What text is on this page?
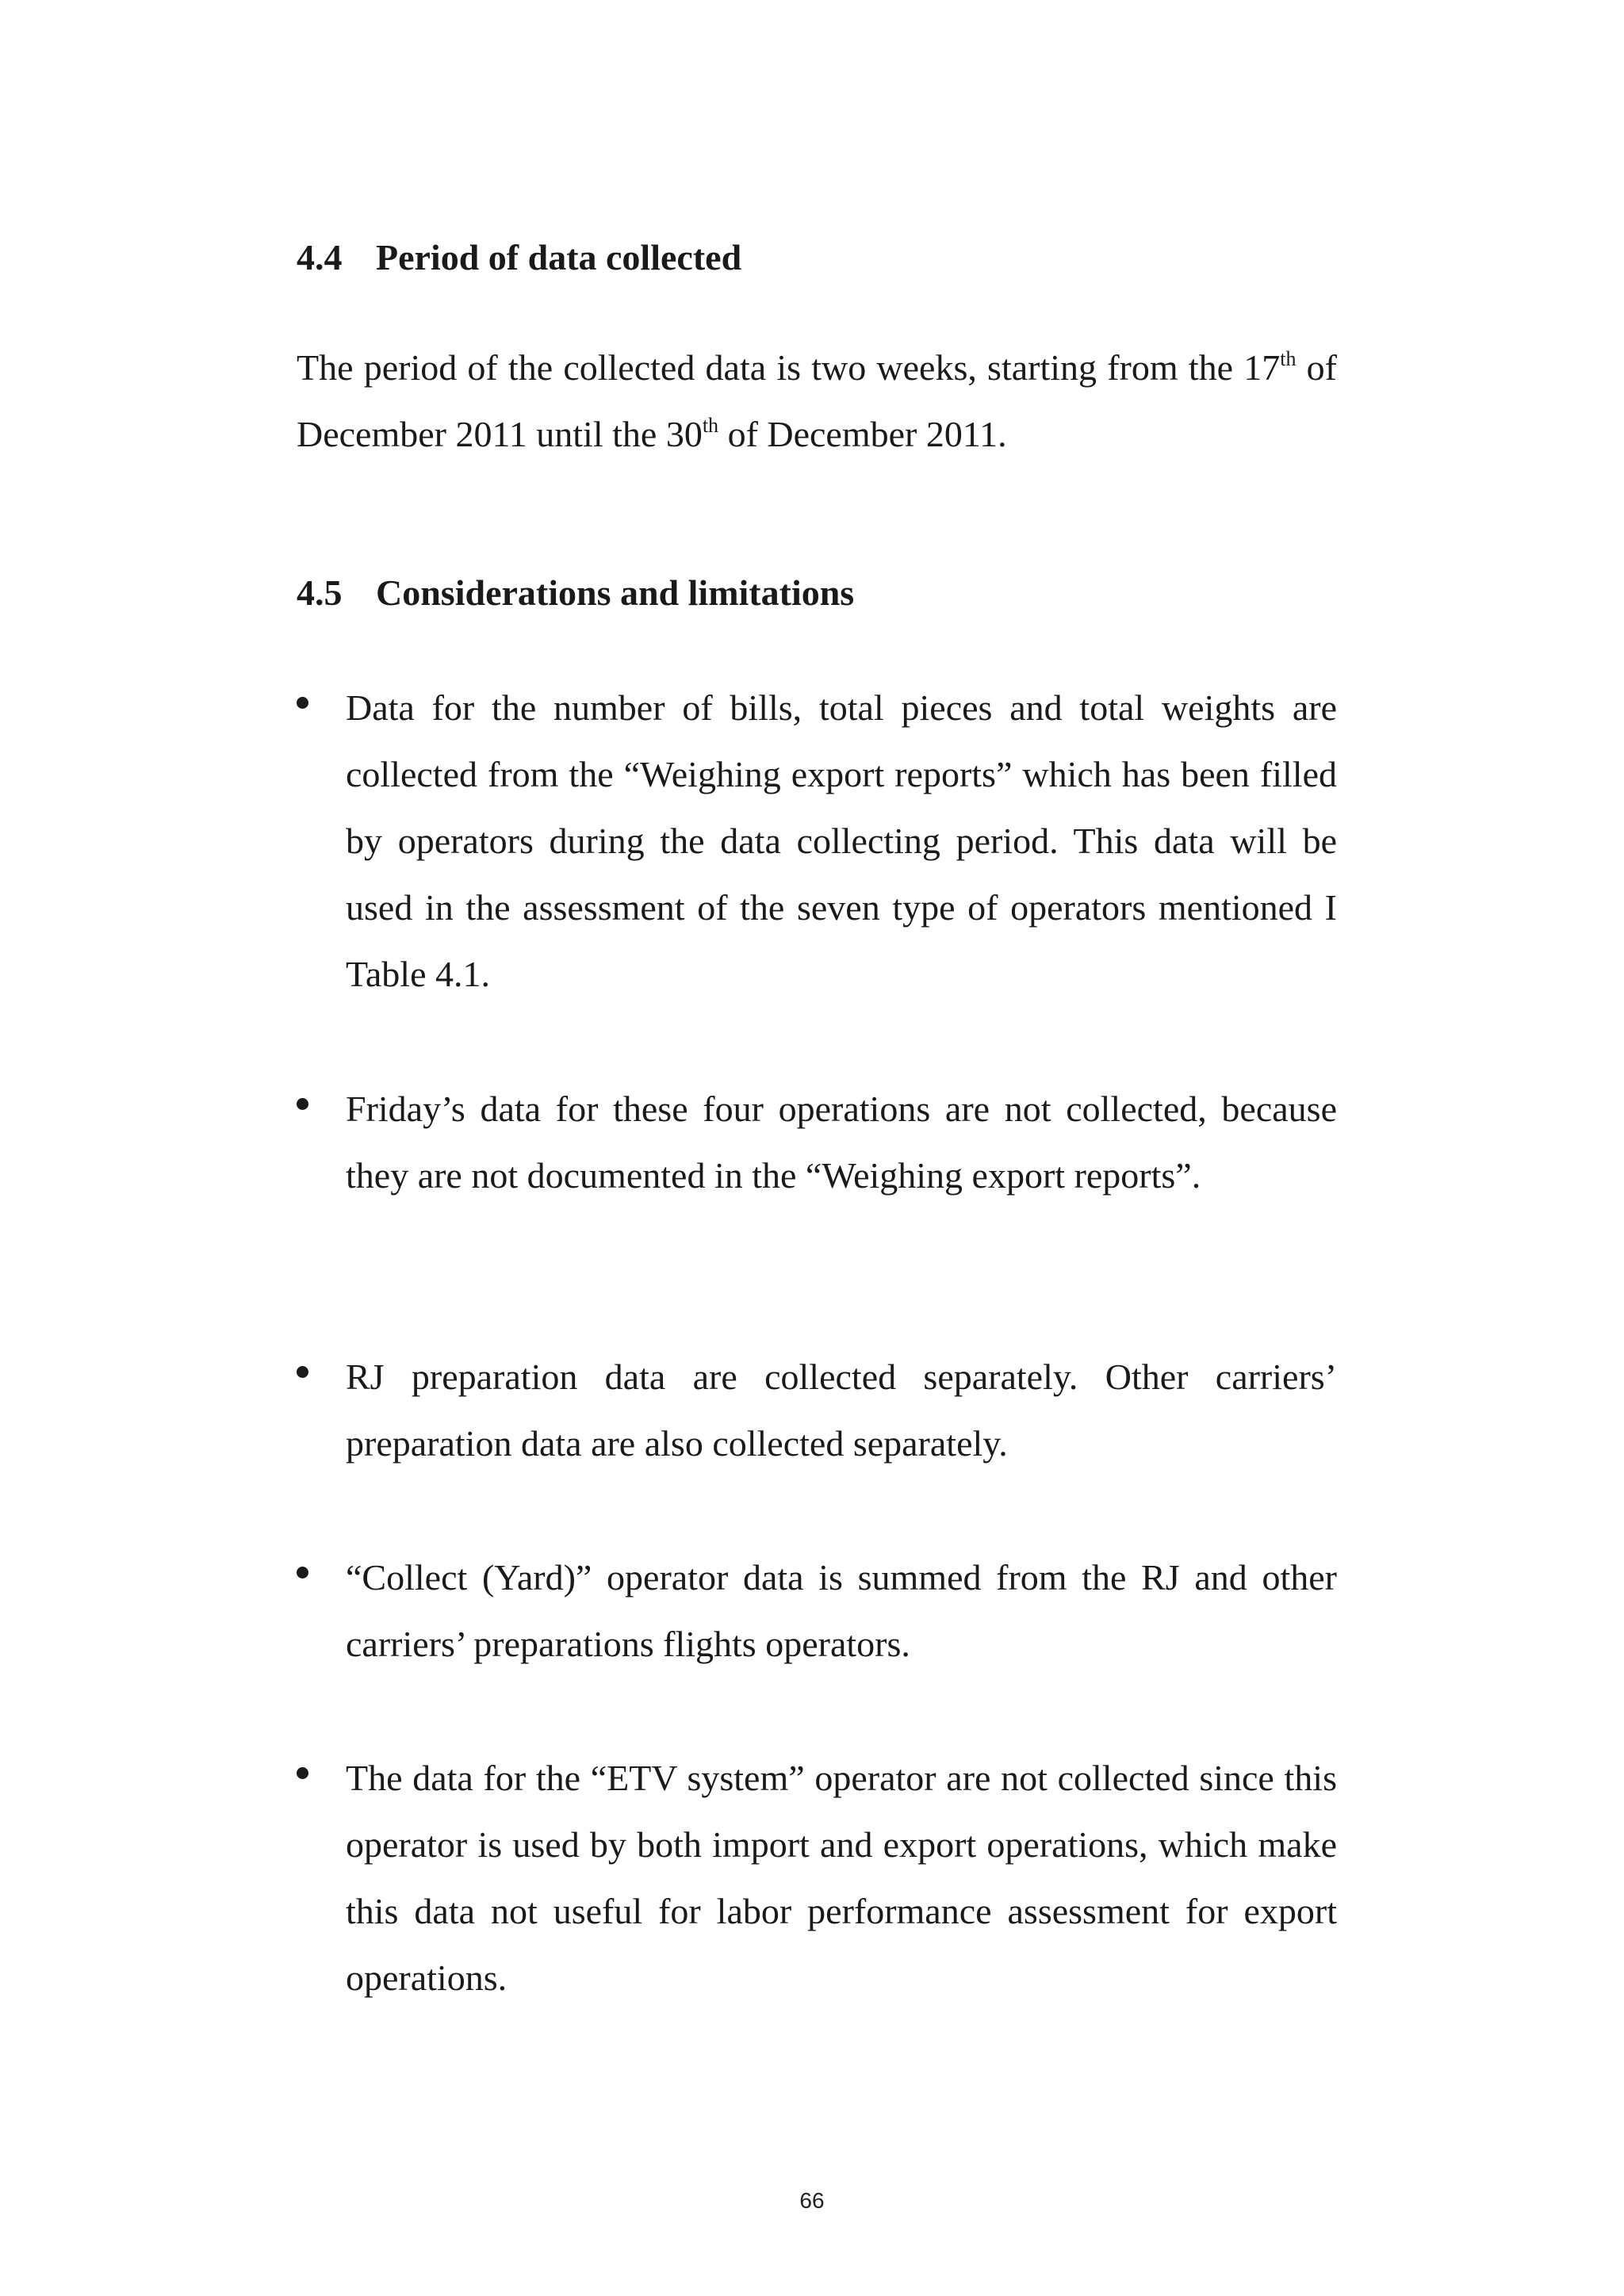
4.4 Period of data collected
The period of the collected data is two weeks, starting from the 17th of December 2011 until the 30th of December 2011.
4.5 Considerations and limitations
Data for the number of bills, total pieces and total weights are collected from the “Weighing export reports” which has been filled by operators during the data collecting period. This data will be used in the assessment of the seven type of operators mentioned I Table 4.1.
Friday’s data for these four operations are not collected, because they are not documented in the “Weighing export reports”.
RJ preparation data are collected separately. Other carriers’ preparation data are also collected separately.
“Collect (Yard)” operator data is summed from the RJ and other carriers’ preparations flights operators.
The data for the “ETV system” operator are not collected since this operator is used by both import and export operations, which make this data not useful for labor performance assessment for export operations.
66
